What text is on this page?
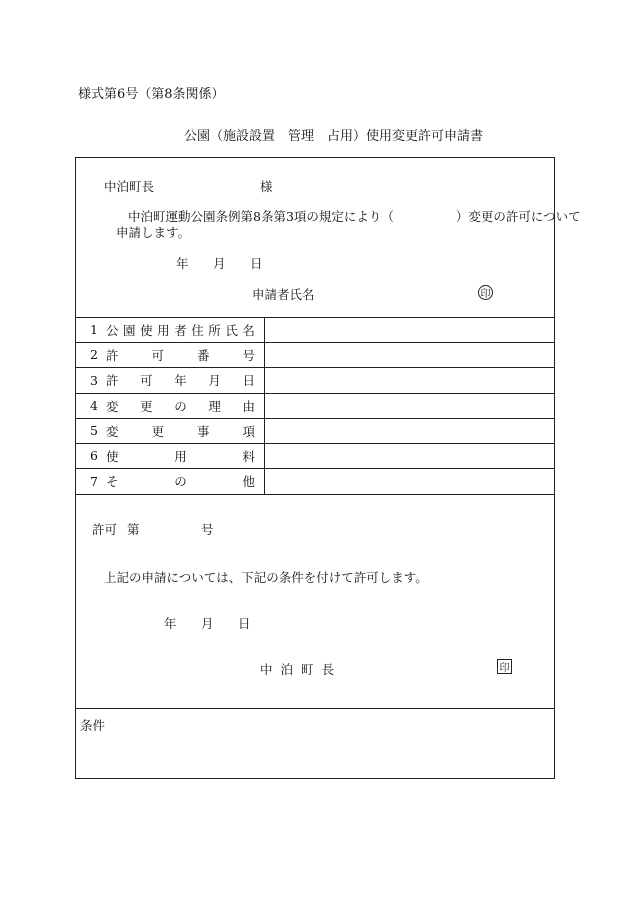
様式第6号（第8条関係）
公園（施設設置　管理　占用）使用変更許可申請書
中泊町長	様
中泊町運動公園条例第8条第3項の規定により（	）変更の許可について
申請します。
年 月 日
申請者氏名	印
1 公 園 使 用 者 住 所 氏 名
2 許	可	番	号
3 許 可 年 月 日
4 変 更 の 理 由
5 変	更	事	項
6 使	用	料
7 そ	の	他
許可 第	号
上記の申請については、下記の条件を付けて許可します。
年 月 日
中 泊 町 長	印
条件
